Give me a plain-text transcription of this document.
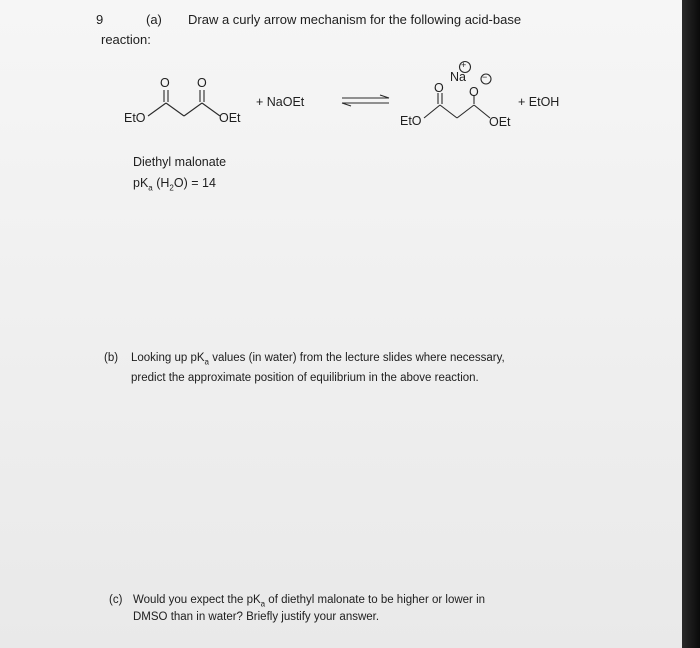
9	(a) Draw a curly arrow mechanism for the following acid-base
reaction:
O O
EtO	OEt
+ NaOEt
+
Na −
O O
EtO	OEt
+ EtOH
Diethyl malonate
$pK_a$ $(H_2O) = 14$
(b) Looking up $pK_a$ values (in water) from the lecture slides where necessary,
predict the approximate position of equilibrium in the above reaction.
(c) Would you expect the $pK_a$ of diethyl malonate to be higher or lower in
DMSO than in water? Briefly justify your answer.
